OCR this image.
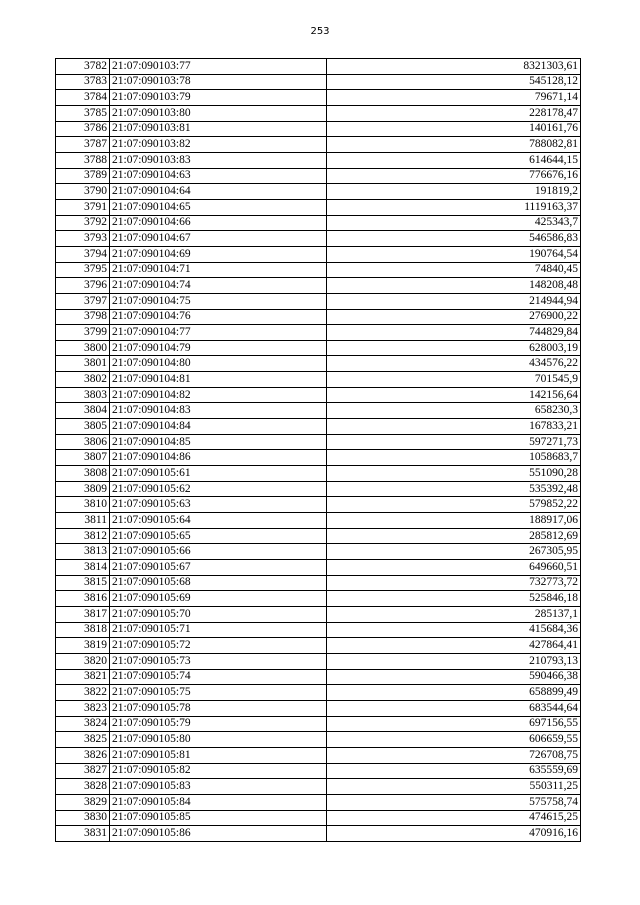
253
3782	21:07:090103:77	8321303,61
3783	21:07:090103:78	545128,12
3784	21:07:090103:79	79671,14
3785	21:07:090103:80	228178,47
3786	21:07:090103:81	140161,76
3787	21:07:090103:82	788082,81
3788	21:07:090103:83	614644,15
3789	21:07:090104:63	776676,16
3790	21:07:090104:64	191819,2
3791	21:07:090104:65	1119163,37
3792	21:07:090104:66	425343,7
3793	21:07:090104:67	546586,83
3794	21:07:090104:69	190764,54
3795	21:07:090104:71	74840,45
3796	21:07:090104:74	148208,48
3797	21:07:090104:75	214944,94
3798	21:07:090104:76	276900,22
3799	21:07:090104:77	744829,84
3800	21:07:090104:79	628003,19
3801	21:07:090104:80	434576,22
3802	21:07:090104:81	701545,9
3803	21:07:090104:82	142156,64
3804	21:07:090104:83	658230,3
3805	21:07:090104:84	167833,21
3806	21:07:090104:85	597271,73
3807	21:07:090104:86	1058683,7
3808	21:07:090105:61	551090,28
3809	21:07:090105:62	535392,48
3810	21:07:090105:63	579852,22
3811	21:07:090105:64	188917,06
3812	21:07:090105:65	285812,69
3813	21:07:090105:66	267305,95
3814	21:07:090105:67	649660,51
3815	21:07:090105:68	732773,72
3816	21:07:090105:69	525846,18
3817	21:07:090105:70	285137,1
3818	21:07:090105:71	415684,36
3819	21:07:090105:72	427864,41
3820	21:07:090105:73	210793,13
3821	21:07:090105:74	590466,38
3822	21:07:090105:75	658899,49
3823	21:07:090105:78	683544,64
3824	21:07:090105:79	697156,55
3825	21:07:090105:80	606659,55
3826	21:07:090105:81	726708,75
3827	21:07:090105:82	635559,69
3828	21:07:090105:83	550311,25
3829	21:07:090105:84	575758,74
3830	21:07:090105:85	474615,25
3831	21:07:090105:86	470916,16
